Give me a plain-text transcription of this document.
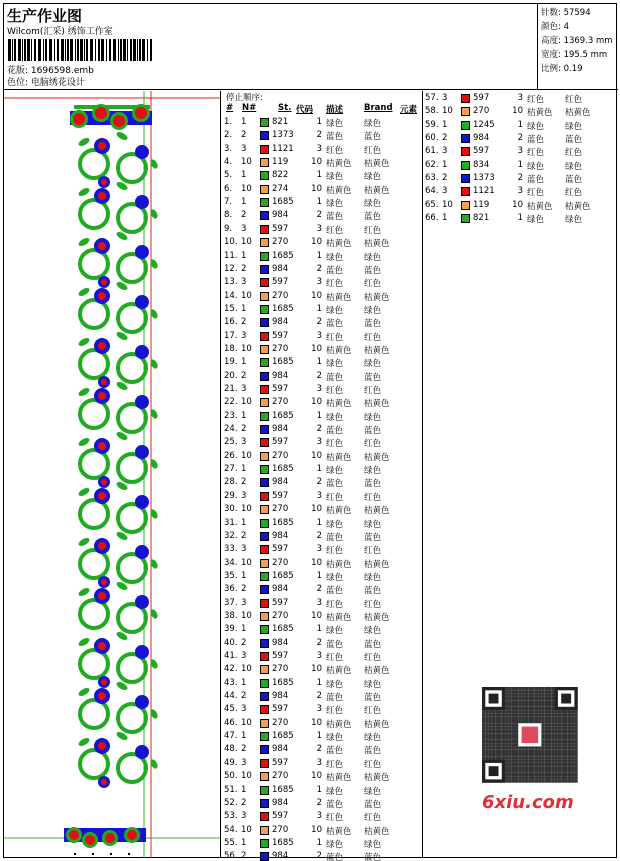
生产作业图
Wilcom(汇采) 绣饰工作室
花版: 1696598.emb
色位: 电脑绣花设计
针数: 57594
颜色: 4
高度: 1369.3 mm
宽度: 195.5 mm
比例: 0.19
停止顺序:
# N#	St. 代码 描述 Brand 元素
1. 1	821	1 绿色 绿色
2. 2	1373	2 蓝色 蓝色
3. 3	1121	3 红色 红色
4. 10 119	10 桔黄色 桔黄色
5. 1	822	1 绿色 绿色
6. 10 274	10 桔黄色 桔黄色
7. 1	1685	1 绿色 绿色
8. 2	984	2 蓝色 蓝色
9. 3	597	3 红色 红色
10. 10 270	10 桔黄色 桔黄色
11. 1	1685	1 绿色 绿色
12. 2	984	2 蓝色 蓝色
13. 3	597	3 红色 红色
14. 10 270	10 桔黄色 桔黄色
15. 1	1685	1 绿色 绿色
16. 2	984	2 蓝色 蓝色
17. 3	597	3 红色 红色
18. 10 270	10 桔黄色 桔黄色
19. 1	1685	1 绿色 绿色
20. 2	984	2 蓝色 蓝色
21. 3	597	3 红色 红色
22. 10 270	10 桔黄色 桔黄色
23. 1	1685	1 绿色 绿色
24. 2	984	2 蓝色 蓝色
25. 3	597	3 红色 红色
26. 10 270	10 桔黄色 桔黄色
27. 1	1685	1 绿色 绿色
28. 2	984	2 蓝色 蓝色
29. 3	597	3 红色 红色
30. 10 270	10 桔黄色 桔黄色
31. 1	1685	1 绿色 绿色
32. 2	984	2 蓝色 蓝色
33. 3	597	3 红色 红色
34. 10 270	10 桔黄色 桔黄色
35. 1	1685	1 绿色 绿色
36. 2	984	2 蓝色 蓝色
37. 3	597	3 红色 红色
38. 10 270	10 桔黄色 桔黄色
39. 1	1685	1 绿色 绿色
40. 2	984	2 蓝色 蓝色
41. 3	597	3 红色 红色
42. 10 270	10 桔黄色 桔黄色
43. 1	1685	1 绿色 绿色
44. 2	984	2 蓝色 蓝色
45. 3	597	3 红色 红色
46. 10 270	10 桔黄色 桔黄色
47. 1	1685	1 绿色 绿色
48. 2	984	2 蓝色 蓝色
49. 3	597	3 红色 红色
50. 10 270	10 桔黄色 桔黄色
51. 1	1685	1 绿色 绿色
52. 2	984	2 蓝色 蓝色
53. 3	597	3 红色 红色
54. 10 270	10 桔黄色 桔黄色
55. 1	1685	1 绿色 绿色
56. 2	984	2 蓝色 蓝色
57. 3	597	3 红色 红色
58. 10 270	10 桔黄色 桔黄色
59. 1	1245	1 绿色 绿色
60. 2	984	2 蓝色 蓝色
61. 3	597	3 红色 红色
62. 1	834	1 绿色 绿色
63. 2	1373	2 蓝色 蓝色
64. 3	1121	3 红色 红色
65. 10 119	10 桔黄色 桔黄色
66. 1	821	1 绿色 绿色
6xiu.com
